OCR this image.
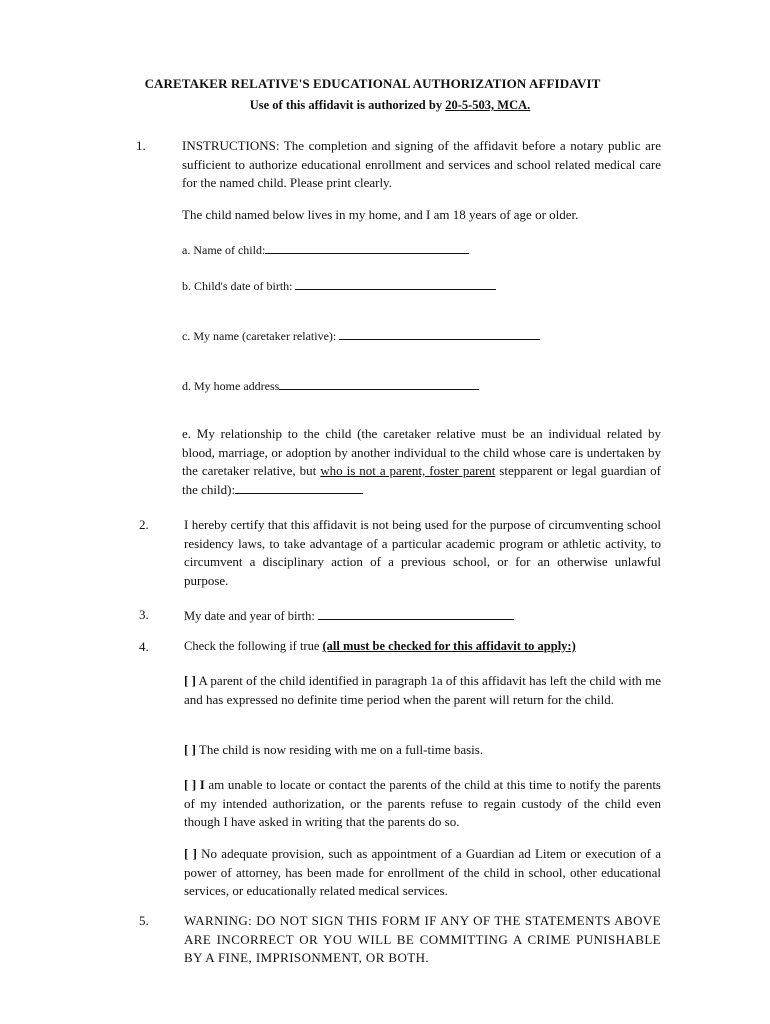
CARETAKER RELATIVE'S EDUCATIONAL AUTHORIZATION AFFIDAVIT
Use of this affidavit is authorized by 20-5-503, MCA.
1.	INSTRUCTIONS: The completion and signing of the affidavit before a notary public are sufficient to authorize educational enrollment and services and school related medical care for the named child. Please print clearly.
The child named below lives in my home, and I am 18 years of age or older.
a. Name of child:
b. Child's date of birth:
c. My name (caretaker relative):
d. My home address
e. My relationship to the child (the caretaker relative must be an individual related by blood, marriage, or adoption by another individual to the child whose care is undertaken by the caretaker relative, but who is not a parent, foster parent stepparent or legal guardian of the child):
2.	I hereby certify that this affidavit is not being used for the purpose of circumventing school residency laws, to take advantage of a particular academic program or athletic activity, to circumvent a disciplinary action of a previous school, or for an otherwise unlawful purpose.
3.	My date and year of birth:
4.	Check the following if true (all must be checked for this affidavit to apply:)
[ ] A parent of the child identified in paragraph 1a of this affidavit has left the child with me and has expressed no definite time period when the parent will return for the child.
[ ] The child is now residing with me on a full-time basis.
[ ] I am unable to locate or contact the parents of the child at this time to notify the parents of my intended authorization, or the parents refuse to regain custody of the child even though I have asked in writing that the parents do so.
[ ] No adequate provision, such as appointment of a Guardian ad Litem or execution of a power of attorney, has been made for enrollment of the child in school, other educational services, or educationally related medical services.
5.	WARNING: DO NOT SIGN THIS FORM IF ANY OF THE STATEMENTS ABOVE ARE INCORRECT OR YOU WILL BE COMMITTING A CRIME PUNISHABLE BY A FINE, IMPRISONMENT, OR BOTH.
